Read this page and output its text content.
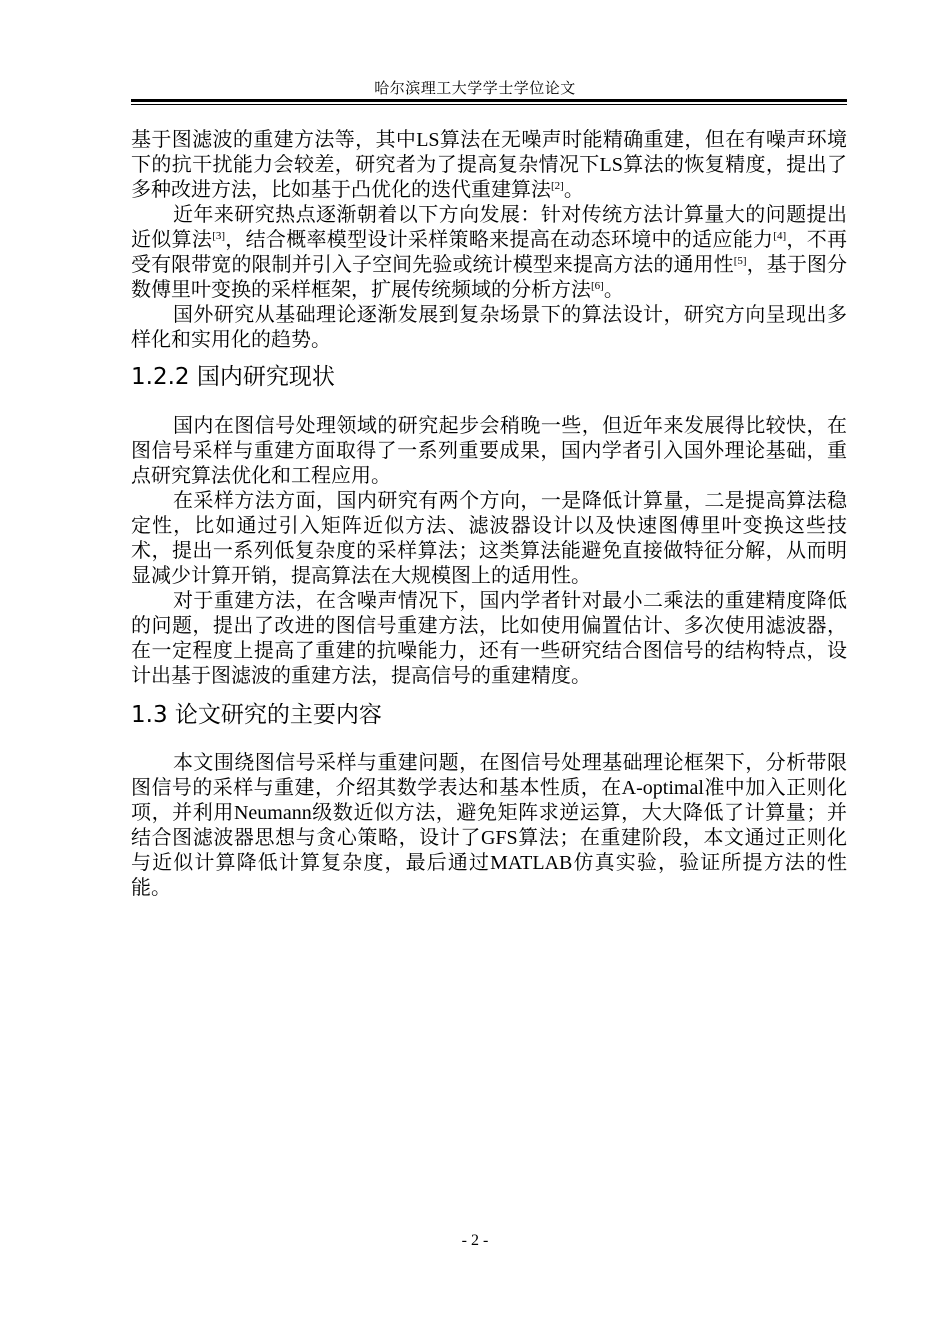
哈尔滨理工大学学士学位论文

基于图滤波的重建方法等，其中LS算法在无噪声时能精确重建，但在有噪声环境下的抗干扰能力会较差，研究者为了提高复杂情况下LS算法的恢复精度，提出了多种改进方法，比如基于凸优化的迭代重建算法[2]。

近年来研究热点逐渐朝着以下方向发展：针对传统方法计算量大的问题提出近似算法[3]，结合概率模型设计采样策略来提高在动态环境中的适应能力[4]，不再受有限带宽的限制并引入子空间先验或统计模型来提高方法的通用性[5]，基于图分数傅里叶变换的采样框架，扩展传统频域的分析方法[6]。

国外研究从基础理论逐渐发展到复杂场景下的算法设计，研究方向呈现出多样化和实用化的趋势。

1.2.2 国内研究现状

国内在图信号处理领域的研究起步会稍晚一些，但近年来发展得比较快，在图信号采样与重建方面取得了一系列重要成果，国内学者引入国外理论基础，重点研究算法优化和工程应用。

在采样方法方面，国内研究有两个方向，一是降低计算量，二是提高算法稳定性，比如通过引入矩阵近似方法、滤波器设计以及快速图傅里叶变换这些技术，提出一系列低复杂度的采样算法；这类算法能避免直接做特征分解，从而明显减少计算开销，提高算法在大规模图上的适用性。

对于重建方法，在含噪声情况下，国内学者针对最小二乘法的重建精度降低的问题，提出了改进的图信号重建方法，比如使用偏置估计、多次使用滤波器，在一定程度上提高了重建的抗噪能力，还有一些研究结合图信号的结构特点，设计出基于图滤波的重建方法，提高信号的重建精度。

1.3 论文研究的主要内容

本文围绕图信号采样与重建问题，在图信号处理基础理论框架下，分析带限图信号的采样与重建，介绍其数学表达和基本性质，在A-optimal准中加入正则化项，并利用Neumann级数近似方法，避免矩阵求逆运算，大大降低了计算量；并结合图滤波器思想与贪心策略，设计了GFS算法；在重建阶段，本文通过正则化与近似计算降低计算复杂度，最后通过MATLAB仿真实验，验证所提方法的性能。

- 2 -
